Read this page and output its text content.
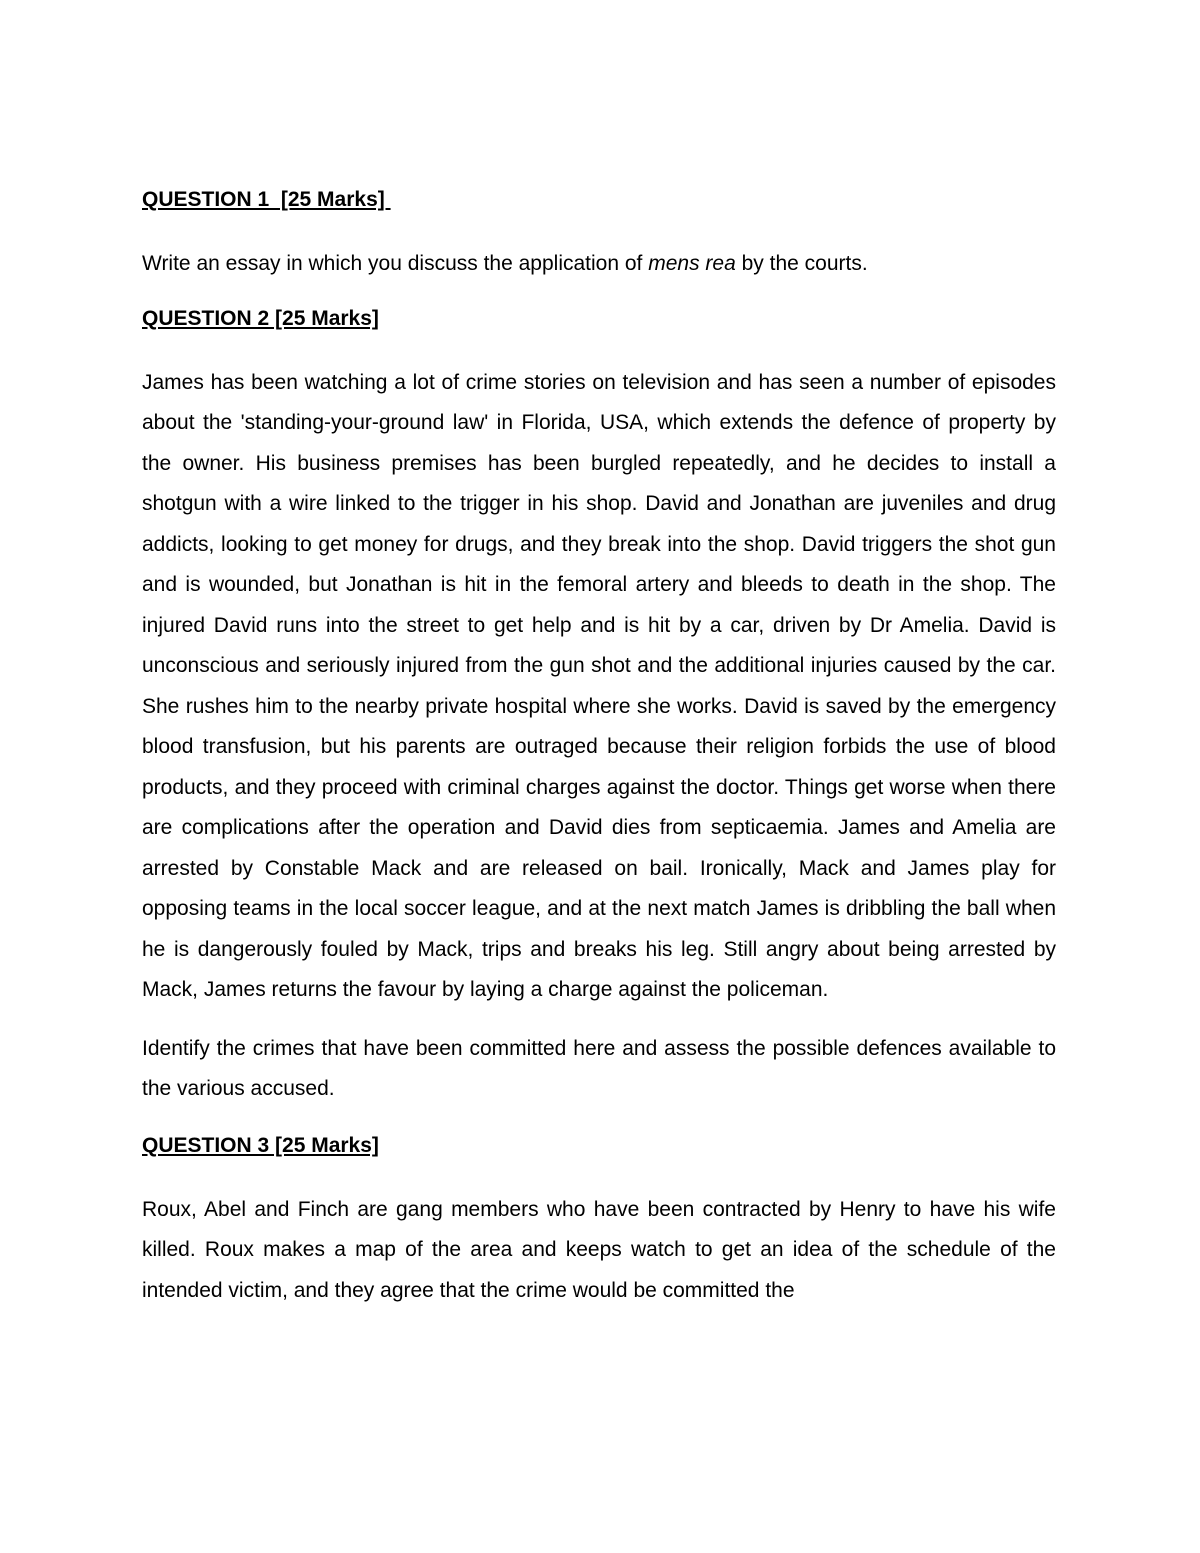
QUESTION 1  [25 Marks]

Write an essay in which you discuss the application of mens rea by the courts.

QUESTION 2 [25 Marks]

James has been watching a lot of crime stories on television and has seen a number of episodes about the 'standing-your-ground law' in Florida, USA, which extends the defence of property by the owner. His business premises has been burgled repeatedly, and he decides to install a shotgun with a wire linked to the trigger in his shop. David and Jonathan are juveniles and drug addicts, looking to get money for drugs, and they break into the shop. David triggers the shot gun and is wounded, but Jonathan is hit in the femoral artery and bleeds to death in the shop. The injured David runs into the street to get help and is hit by a car, driven by Dr Amelia. David is unconscious and seriously injured from the gun shot and the additional injuries caused by the car. She rushes him to the nearby private hospital where she works. David is saved by the emergency blood transfusion, but his parents are outraged because their religion forbids the use of blood products, and they proceed with criminal charges against the doctor. Things get worse when there are complications after the operation and David dies from septicaemia. James and Amelia are arrested by Constable Mack and are released on bail. Ironically, Mack and James play for opposing teams in the local soccer league, and at the next match James is dribbling the ball when he is dangerously fouled by Mack, trips and breaks his leg. Still angry about being arrested by Mack, James returns the favour by laying a charge against the policeman.

Identify the crimes that have been committed here and assess the possible defences available to the various accused.

QUESTION 3 [25 Marks]

Roux, Abel and Finch are gang members who have been contracted by Henry to have his wife killed. Roux makes a map of the area and keeps watch to get an idea of the schedule of the intended victim, and they agree that the crime would be committed the
